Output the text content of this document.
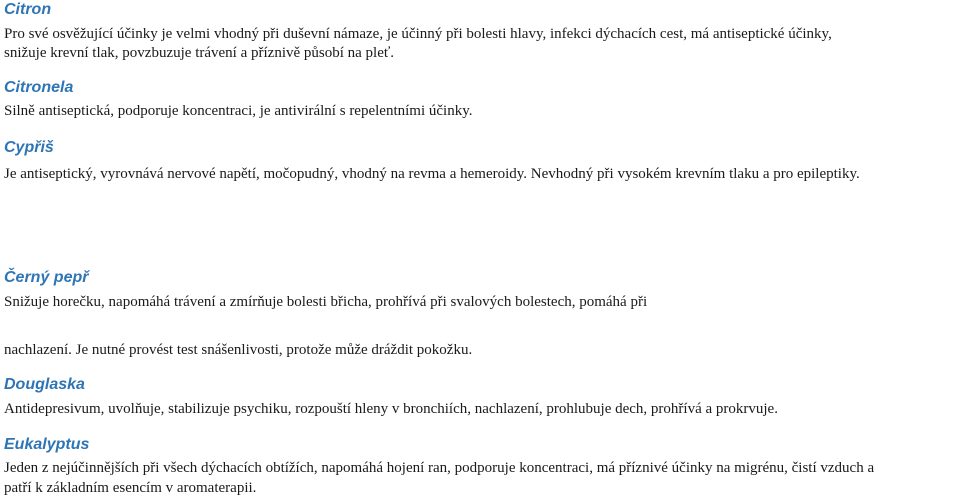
Citron

Pro své osvěžující účinky je velmi vhodný při duševní námaze, je účinný při bolesti hlavy, infekci dýchacích cest, má antiseptické účinky,

snižuje krevní tlak, povzbuzuje trávení a příznivě působí na pleť.

Citronela

Silně antiseptická, podporuje koncentraci, je antivirální s repelentními účinky.

Cypřiš

Je antiseptický, vyrovnává nervové napětí, močopudný, vhodný na revma a hemeroidy. Nevhodný při vysokém krevním tlaku a pro epileptiky.

Černý pepř

Snižuje horečku, napomáhá trávení a zmírňuje bolesti břicha, prohřívá při svalových bolestech, pomáhá při

nachlazení. Je nutné provést test snášenlivosti, protože může dráždit pokožku.

Douglaska

Antidepresivum, uvolňuje, stabilizuje psychiku, rozpouští hleny v bronchiích, nachlazení, prohlubuje dech, prohřívá a prokrvuje.

Eukalyptus

Jeden z nejúčinnějších při všech dýchacích obtížích, napomáhá hojení ran, podporuje koncentraci, má příznivé účinky na migrénu, čistí vzduch a

patří k základním esencím v aromaterapii.
